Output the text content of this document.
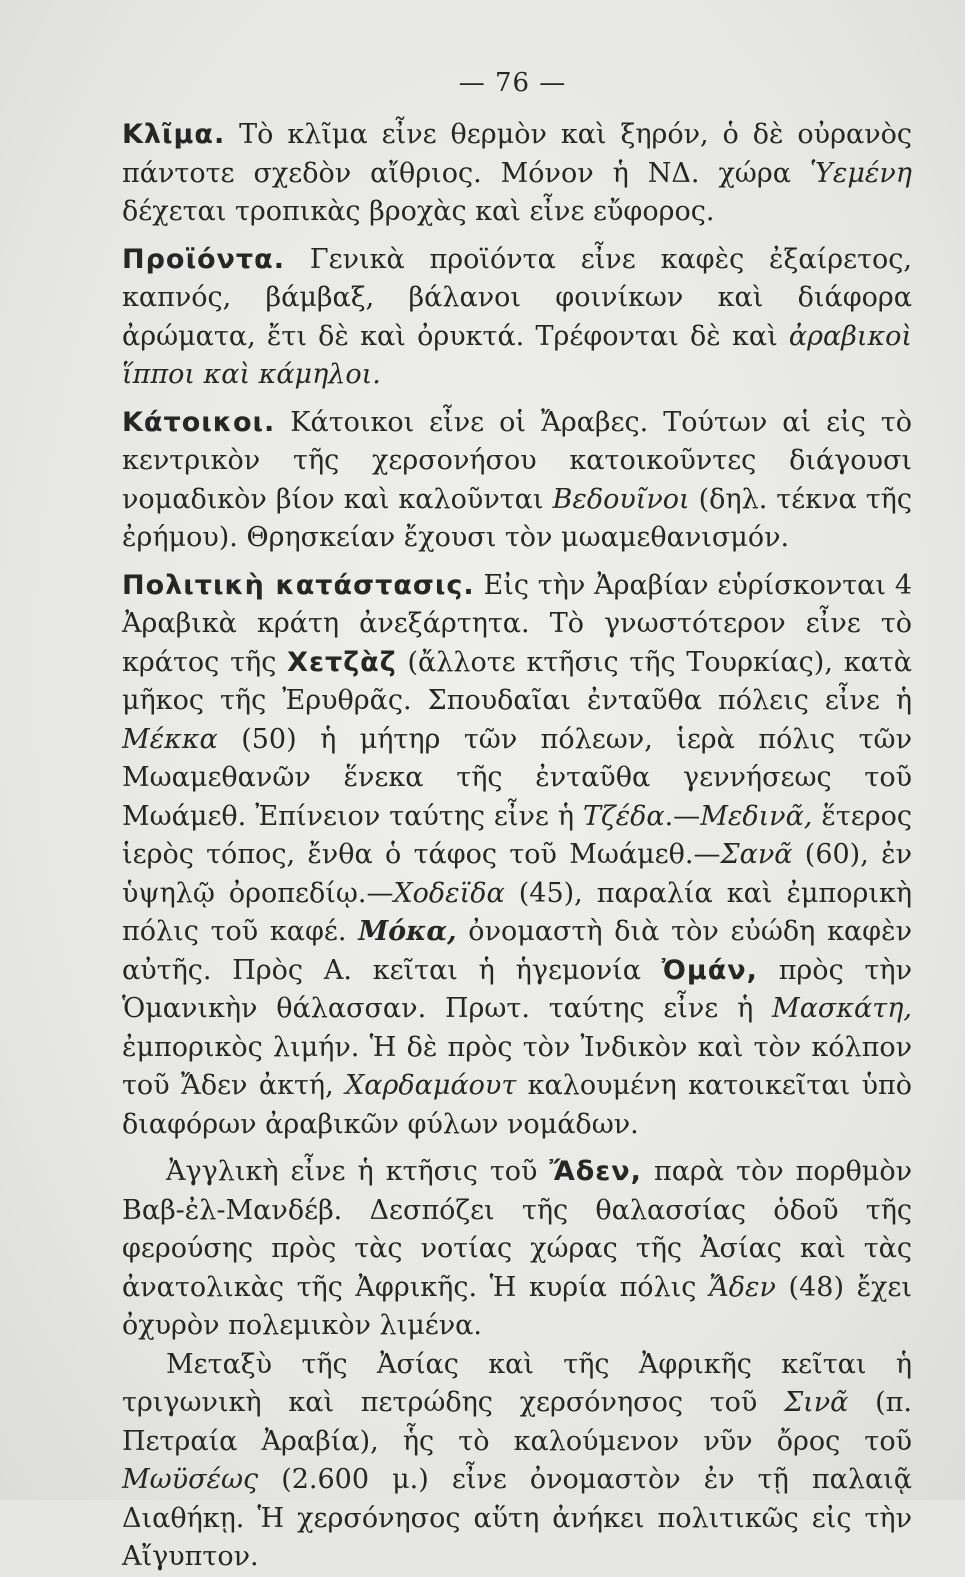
— 76 —

Κλῖμα. Τὸ κλῖμα εἶνε θερμὸν καὶ ξηρόν, ὁ δὲ οὐρανὸς πάντοτε σχεδὸν αἴθριος. Μόνον ἡ ΝΔ. χώρα Ὑεμένη δέχεται τροπικὰς βροχὰς καὶ εἶνε εὔφορος.

Προϊόντα. Γενικὰ προϊόντα εἶνε καφὲς ἐξαίρετος, καπνός, βάμβαξ, βάλανοι φοινίκων καὶ διάφορα ἀρώματα, ἔτι δὲ καὶ ὀρυκτά. Τρέφονται δὲ καὶ ἀραβικοὶ ἵπποι καὶ κάμηλοι.

Κάτοικοι. Κάτοικοι εἶνε οἱ Ἄραβες. Τούτων αἱ εἰς τὸ κεντρικὸν τῆς χερσονήσου κατοικοῦντες διάγουσι νομαδικὸν βίον καὶ καλοῦνται Βεδουῖνοι (δηλ. τέκνα τῆς ἐρήμου). Θρησκείαν ἔχουσι τὸν μωαμεθανισμόν.

Πολιτικὴ κατάστασις. Εἰς τὴν Ἀραβίαν εὑρίσκονται 4 Ἀραβικὰ κράτη ἀνεξάρτητα. Τὸ γνωστότερον εἶνε τὸ κράτος τῆς Χετζὰζ (ἄλλοτε κτῆσις τῆς Τουρκίας), κατὰ μῆκος τῆς Ἐρυθρᾶς. Σπουδαῖαι ἐνταῦθα πόλεις εἶνε ἡ Μέκκα (50) ἡ μήτηρ τῶν πόλεων, ἱερὰ πόλις τῶν Μωαμεθανῶν ἕνεκα τῆς ἐνταῦθα γεννήσεως τοῦ Μωάμεθ. Ἐπίνειον ταύτης εἶνε ἡ Τζέδα.—Μεδινᾶ, ἕτερος ἱερὸς τόπος, ἔνθα ὁ τάφος τοῦ Μωάμεθ.—Σανᾶ (60), ἐν ὑψηλῷ ὀροπεδίῳ.—Χοδεϊδα (45), παραλία καὶ ἐμπορικὴ πόλις τοῦ καφέ. Μόκα, ὀνομαστὴ διὰ τὸν εὐώδη καφὲν αὐτῆς. Πρὸς Α. κεῖται ἡ ἡγεμονία Ὀμάν, πρὸς τὴν Ὁμανικὴν θάλασσαν. Πρωτ. ταύτης εἶνε ἡ Μασκάτη, ἐμπορικὸς λιμήν. Ἡ δὲ πρὸς τὸν Ἰνδικὸν καὶ τὸν κόλπον τοῦ Ἄδεν ἀκτή, Χαρδαμάουτ καλουμένη κατοικεῖται ὑπὸ διαφόρων ἀραβικῶν φύλων νομάδων.

Ἀγγλικὴ εἶνε ἡ κτῆσις τοῦ Ἄδεν, παρὰ τὸν πορθμὸν Βαβ-ἐλ-Μανδέβ. Δεσπόζει τῆς θαλασσίας ὁδοῦ τῆς φερούσης πρὸς τὰς νοτίας χώρας τῆς Ἀσίας καὶ τὰς ἀνατολικὰς τῆς Ἀφρικῆς. Ἡ κυρία πόλις Ἄδεν (48) ἔχει ὀχυρὸν πολεμικὸν λιμένα.

Μεταξὺ τῆς Ἀσίας καὶ τῆς Ἀφρικῆς κεῖται ἡ τριγωνικὴ καὶ πετρώδης χερσόνησος τοῦ Σινᾶ (π. Πετραία Ἀραβία), ἧς τὸ καλούμενον νῦν ὄρος τοῦ Μωϋσέως (2.600 μ.) εἶνε ὀνομαστὸν ἐν τῇ παλαιᾷ Διαθήκῃ. Ἡ χερσόνησος αὕτη ἀνήκει πολιτικῶς εἰς τὴν Αἴγυπτον.
